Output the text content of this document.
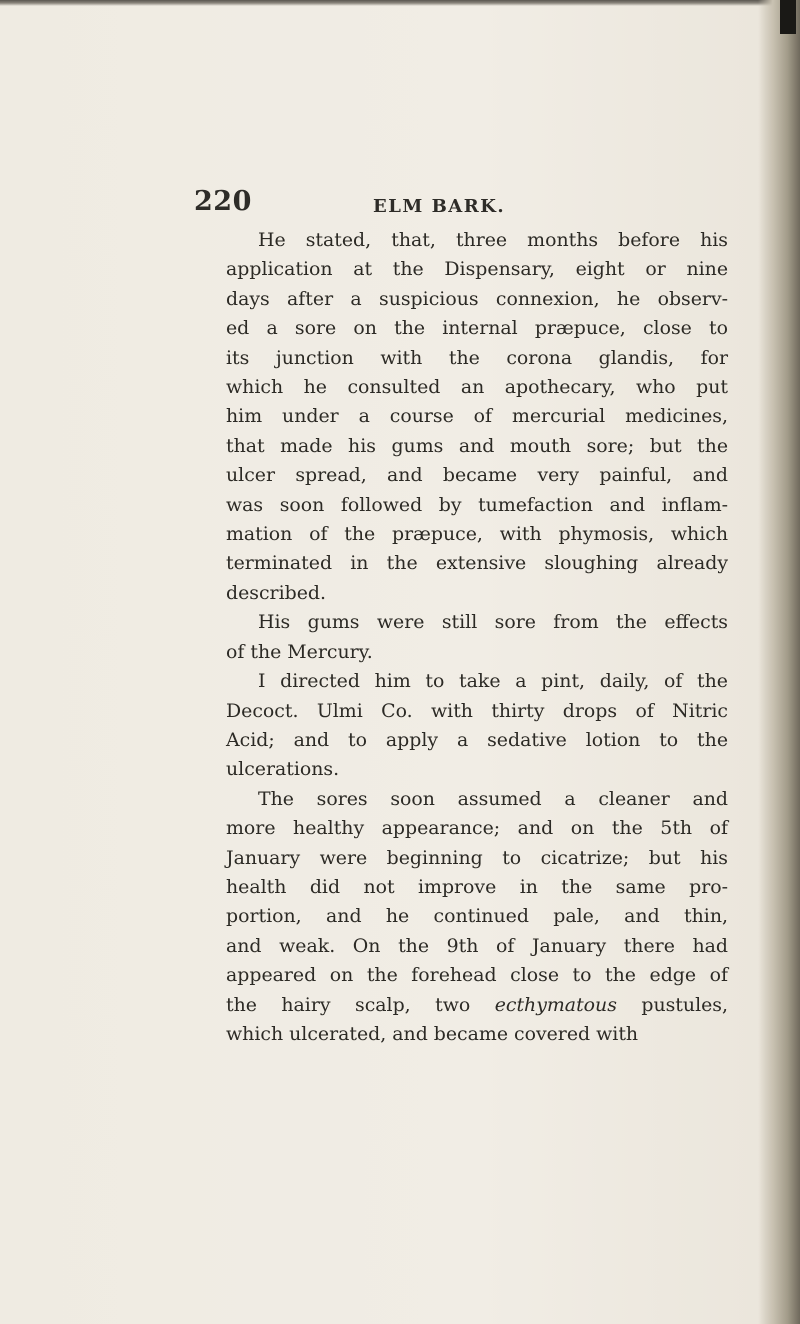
220	ELM BARK.
He stated, that, three months before his
application at the Dispensary, eight or nine
days after a suspicious connexion, he observ-
ed a sore on the internal præpuce, close to
its junction with the corona glandis, for
which he consulted an apothecary, who put
him under a course of mercurial medicines,
that made his gums and mouth sore; but the
ulcer spread, and became very painful, and
was soon followed by tumefaction and inflam-
mation of the præpuce, with phymosis, which
terminated in the extensive sloughing already
described.
His gums were still sore from the effects
of the Mercury.
I directed him to take a pint, daily, of the
Decoct. Ulmi Co. with thirty drops of Nitric
Acid; and to apply a sedative lotion to the
ulcerations.
The sores soon assumed a cleaner and
more healthy appearance; and on the 5th of
January were beginning to cicatrize; but his
health did not improve in the same pro-
portion, and he continued pale, and thin,
and weak. On the 9th of January there had
appeared on the forehead close to the edge of
the hairy scalp, two ecthymatous pustules,
which ulcerated, and became covered with
